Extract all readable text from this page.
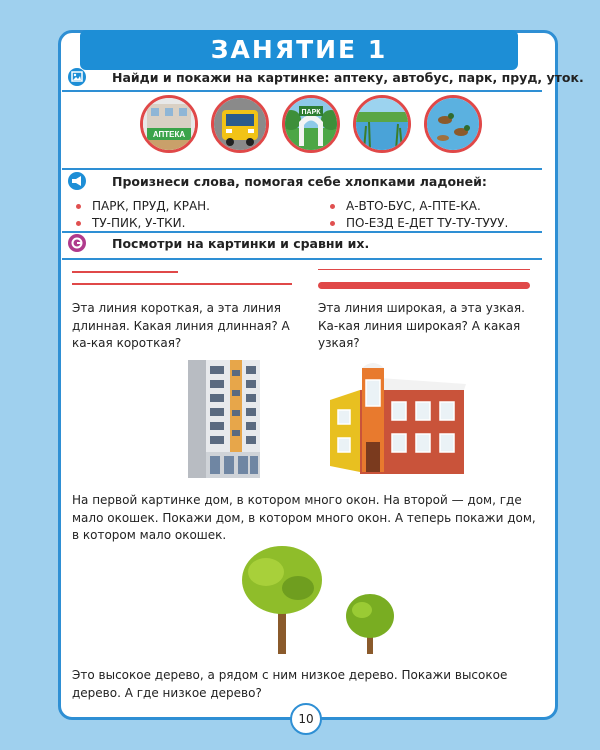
ЗАНЯТИЕ 1
Найди и покажи на картинке: аптеку, автобус, парк, пруд, уток.
АПТЕКА
ПАРК
Произнеси слова, помогая себе хлопками ладоней:
ПАРК, ПРУД, КРАН.
ТУ-ПИК, У-ТКИ.
А-ВТО-БУС, А-ПТЕ-КА.
ПО-ЕЗД Е-ДЕТ ТУ-ТУ-ТУУУ.
Посмотри на картинки и сравни их.
Эта линия короткая, а эта линия длинная. Какая линия длинная? А ка-кая короткая?
Эта линия широкая, а эта узкая. Ка-кая линия широкая? А какая узкая?
На первой картинке дом, в котором много окон. На второй — дом, где мало окошек. Покажи дом, в котором много окон. А теперь покажи дом, в котором мало окошек.
Это высокое дерево, а рядом с ним низкое дерево. Покажи высокое дерево. А где низкое дерево?
10
